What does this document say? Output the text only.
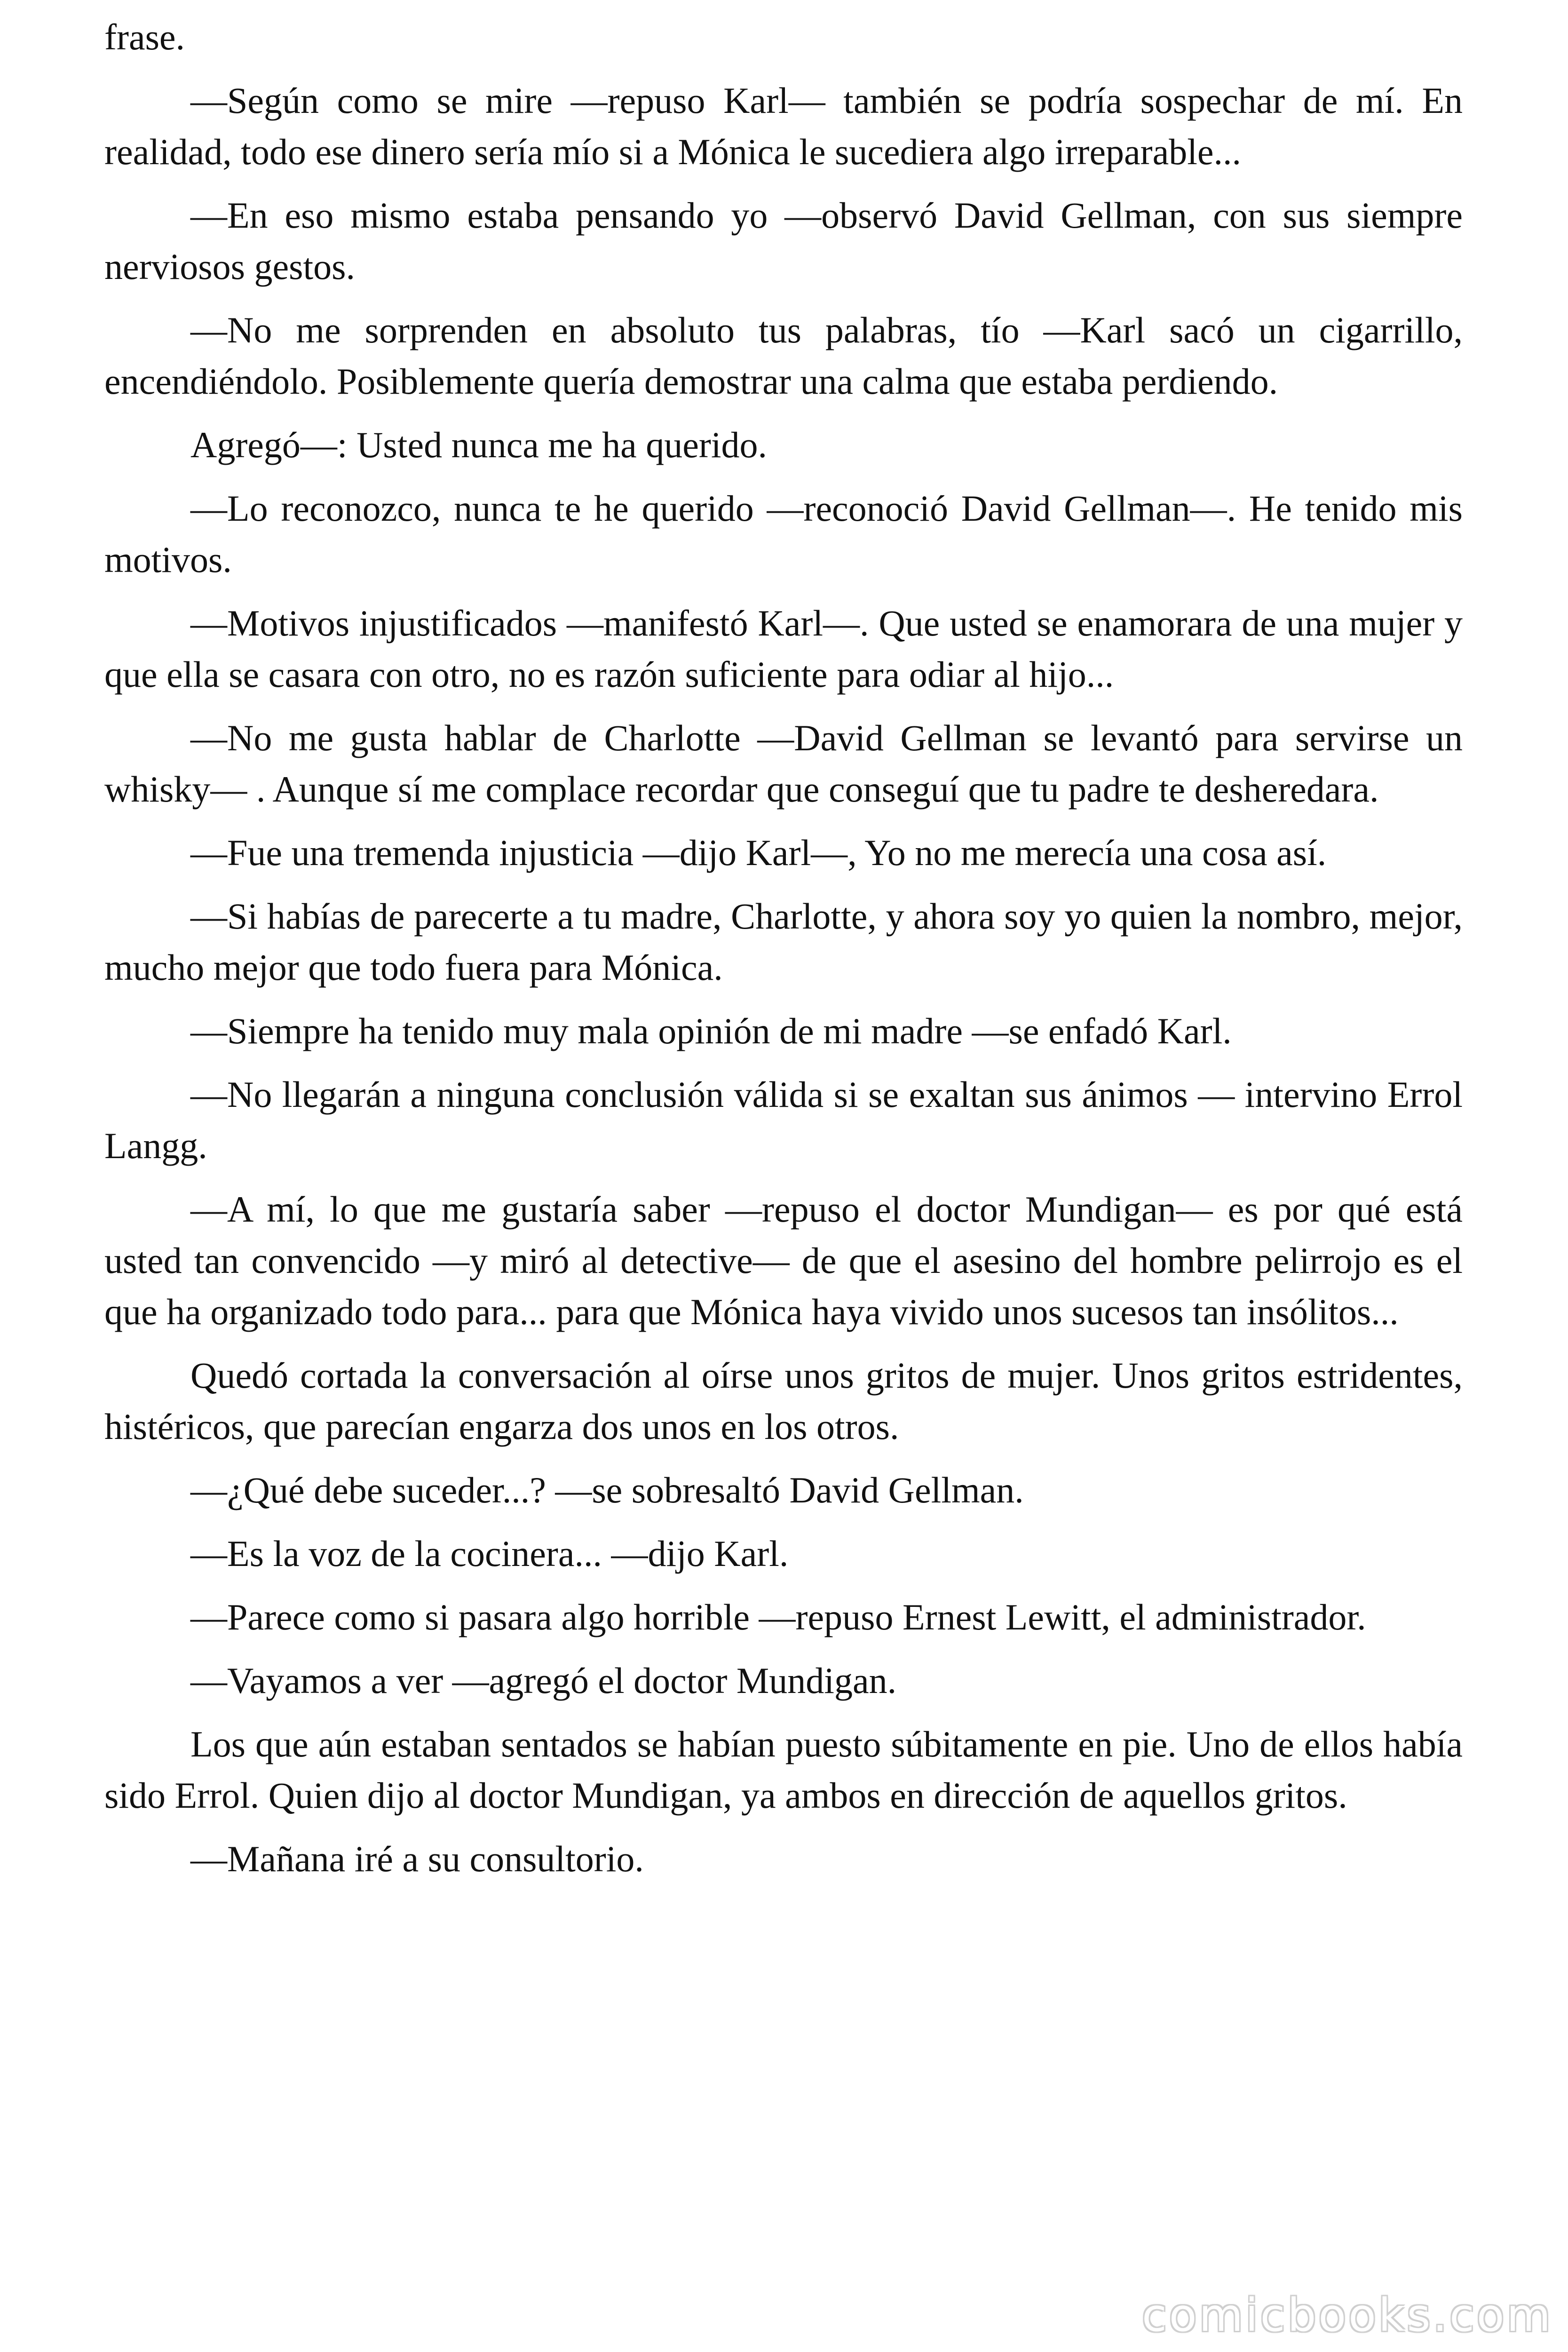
frase.

—Según como se mire —repuso Karl— también se podría sospechar de mí. En realidad, todo ese dinero sería mío si a Mónica le sucediera algo irreparable...

—En eso mismo estaba pensando yo —observó David Gellman, con sus siempre nerviosos gestos.

—No me sorprenden en absoluto tus palabras, tío —Karl sacó un cigarrillo, encendiéndolo. Posiblemente quería demostrar una calma que estaba perdiendo.

Agregó—: Usted nunca me ha querido.

—Lo reconozco, nunca te he querido —reconoció David Gellman—. He tenido mis motivos.

—Motivos injustificados —manifestó Karl—. Que usted se enamorara de una mujer y que ella se casara con otro, no es razón suficiente para odiar al hijo...

—No me gusta hablar de Charlotte —David Gellman se levantó para servirse un whisky— . Aunque sí me complace recordar que conseguí que tu padre te desheredara.

—Fue una tremenda injusticia —dijo Karl—, Yo no me merecía una cosa así.

—Si habías de parecerte a tu madre, Charlotte, y ahora soy yo quien la nombro, mejor, mucho mejor que todo fuera para Mónica.

—Siempre ha tenido muy mala opinión de mi madre —se enfadó Karl.

—No llegarán a ninguna conclusión válida si se exaltan sus ánimos — intervino Errol Langg.

—A mí, lo que me gustaría saber —repuso el doctor Mundigan— es por qué está usted tan convencido —y miró al detective— de que el asesino del hombre pelirrojo es el que ha organizado todo para... para que Mónica haya vivido unos sucesos tan insólitos...

Quedó cortada la conversación al oírse unos gritos de mujer. Unos gritos estridentes, histéricos, que parecían engarza dos unos en los otros.

—¿Qué debe suceder...? —se sobresaltó David Gellman.

—Es la voz de la cocinera... —dijo Karl.

—Parece como si pasara algo horrible —repuso Ernest Lewitt, el administrador.

—Vayamos a ver —agregó el doctor Mundigan.

Los que aún estaban sentados se habían puesto súbitamente en pie. Uno de ellos había sido Errol. Quien dijo al doctor Mundigan, ya ambos en dirección de aquellos gritos.

—Mañana iré a su consultorio.

comicbooks.com
